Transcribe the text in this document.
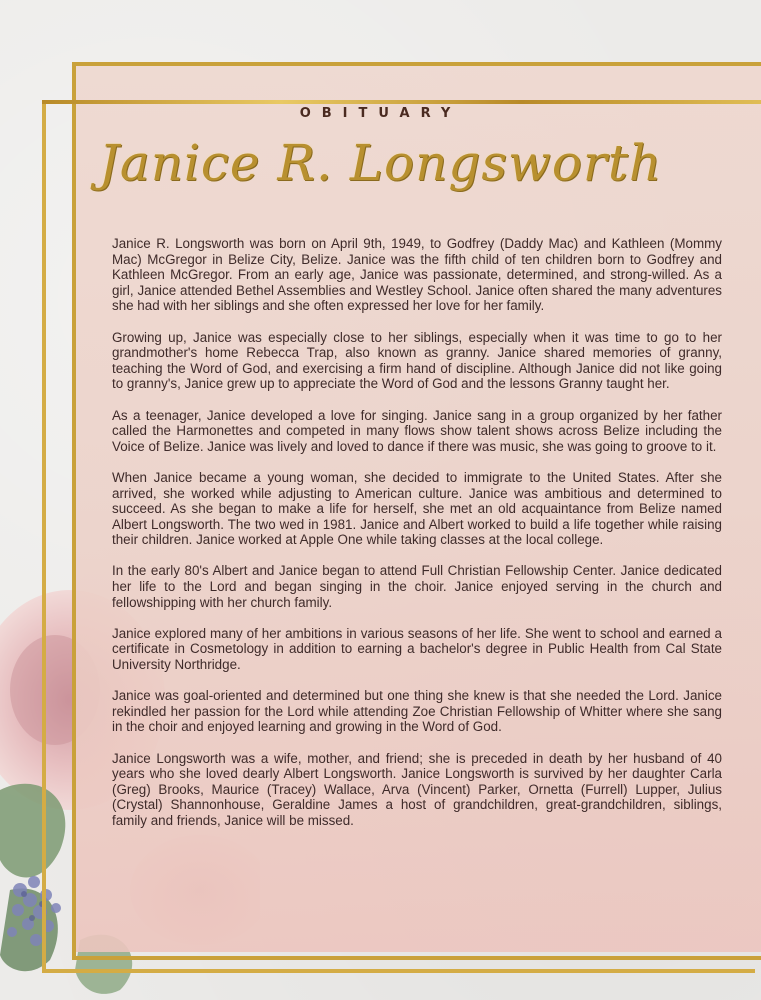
OBITUARY
Janice R. Longsworth

Janice R. Longsworth was born on April 9th, 1949, to Godfrey (Daddy Mac) and Kathleen (Mommy Mac) McGregor in Belize City, Belize. Janice was the fifth child of ten children born to Godfrey and Kathleen McGregor. From an early age, Janice was passionate, determined, and strong-willed. As a girl, Janice attended Bethel Assemblies and Westley School. Janice often shared the many adventures she had with her siblings and she often expressed her love for her family.

Growing up, Janice was especially close to her siblings, especially when it was time to go to her grandmother's home Rebecca Trap, also known as granny. Janice shared memories of granny, teaching the Word of God, and exercising a firm hand of discipline. Although Janice did not like going to granny's, Janice grew up to appreciate the Word of God and the lessons Granny taught her.

As a teenager, Janice developed a love for singing. Janice sang in a group organized by her father called the Harmonettes and competed in many flows show talent shows across Belize including the Voice of Belize. Janice was lively and loved to dance if there was music, she was going to groove to it.

When Janice became a young woman, she decided to immigrate to the United States. After she arrived, she worked while adjusting to American culture. Janice was ambitious and determined to succeed. As she began to make a life for herself, she met an old acquaintance from Belize named Albert Longsworth. The two wed in 1981. Janice and Albert worked to build a life together while raising their children. Janice worked at Apple One while taking classes at the local college.

In the early 80's Albert and Janice began to attend Full Christian Fellowship Center. Janice dedicated her life to the Lord and began singing in the choir. Janice enjoyed serving in the church and fellowshipping with her church family.

Janice explored many of her ambitions in various seasons of her life. She went to school and earned a certificate in Cosmetology in addition to earning a bachelor's degree in Public Health from Cal State University Northridge.

Janice was goal-oriented and determined but one thing she knew is that she needed the Lord. Janice rekindled her passion for the Lord while attending Zoe Christian Fellowship of Whitter where she sang in the choir and enjoyed learning and growing in the Word of God.

Janice Longsworth was a wife, mother, and friend; she is preceded in death by her husband of 40 years who she loved dearly Albert Longsworth. Janice Longsworth is survived by her daughter Carla (Greg) Brooks, Maurice (Tracey) Wallace, Arva (Vincent) Parker, Ornetta (Furrell) Lupper, Julius (Crystal) Shannonhouse, Geraldine James a host of grandchildren, great-grandchildren, siblings, family and friends, Janice will be missed.
